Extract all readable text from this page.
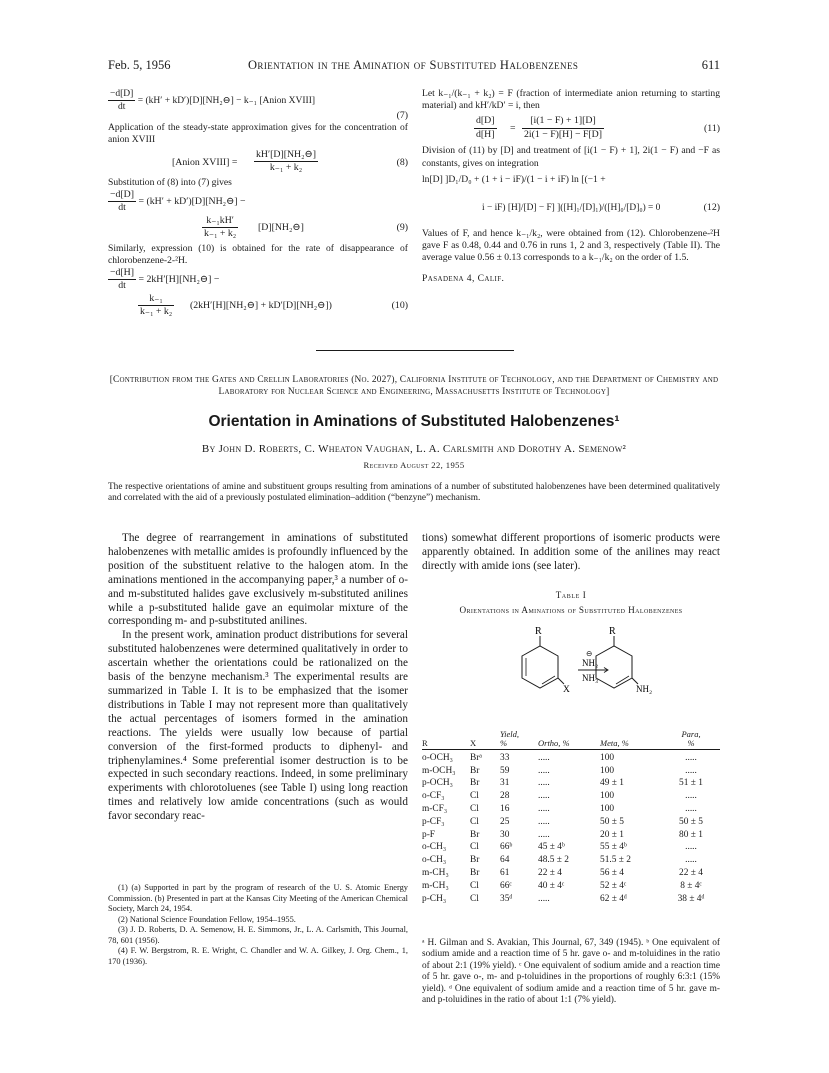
Feb. 5, 1956	Orientation in the Amination of Substituted Halobenzenes	611
$\frac{-d[D]}{dt} = (kH'$ + kD′)[D][NH₂⊖] − k₋₁ [Anion XVIII]
(7)
Application of the steady-state approximation gives for the concentration of anion XVIII
[Anion XVIII] = $\frac{\text{kH′[D][NH₂⊖]}}{\text{k₋₁ + k₂}}$	(8)
Substitution of (8) into (7) gives
$\frac{-d[D]}{dt} = (kH'$ + kD′)[D][NH₂⊖] −
$\frac{\text{k₋₁kH′}}{\text{k₋₁ + k₂}}$ [D][NH₂⊖]	(9)
Similarly, expression (10) is obtained for the rate of disappearance of chlorobenzene-2-²H.
$\frac{-d[H]}{dt}$ = 2kH′[H][NH₂⊖] −
$\frac{\text{k₋₁}}{\text{k₋₁ + k₂}}$ (2kH′[H][NH₂⊖] + kD′[D][NH₂⊖])	(10)
Let k₋₁/(k₋₁ + k₂) = F (fraction of intermediate anion returning to starting material) and kH′/kD′ = i, then
$\frac{d[D]}{d[H]} = \frac{[i(1 - F) + 1][D]}{2i(1 - F)[H] - F[D]}$	(11)
Division of (11) by [D] and treatment of [i(1 − F) + 1], 2i(1 − F) and −F as constants, gives on integration
ln[D] ]D₁/D₀ + (1 + i − iF)/(1 − i + iF) ln [(−1 +
i − iF) [H]/[D] − F] ]([H]₁/[D]₁)/([H]₀/[D]₀) = 0	(12)
Values of F, and hence k₋₁/k₂, were obtained from (12). Chlorobenzene-²H gave F as 0.48, 0.44 and 0.76 in runs 1, 2 and 3, respectively (Table II). The average value 0.56 ± 0.13 corresponds to a k₋₁/k₂ on the order of 1.5.
Pasadena 4, Calif.
[Contribution from the Gates and Crellin Laboratories (No. 2027), California Institute of Technology, and the Department of Chemistry and Laboratory for Nuclear Science and Engineering, Massachusetts Institute of Technology]
Orientation in Aminations of Substituted Halobenzenes¹
By John D. Roberts, C. Wheaton Vaughan, L. A. Carlsmith and Dorothy A. Semenow²
Received August 22, 1955
The respective orientations of amine and substituent groups resulting from aminations of a number of substituted halobenzenes have been determined qualitatively and correlated with the aid of a previously postulated elimination–addition (“benzyne”) mechanism.

The degree of rearrangement in aminations of substituted halobenzenes with metallic amides is profoundly influenced by the position of the substituent relative to the halogen atom. In the aminations mentioned in the accompanying paper,³ a number of o- and m-substituted halides gave exclusively m-substituted anilines while a p-substituted halide gave an equimolar mixture of the corresponding m- and p-substituted anilines.

In the present work, amination product distributions for several substituted halobenzenes were determined qualitatively in order to ascertain whether the orientations could be rationalized on the basis of the benzyne mechanism.³ The experimental results are summarized in Table I. It is to be emphasized that the isomer distributions in Table I may not represent more than qualitatively the actual percentages of isomers formed in the amination reactions. The yields were usually low because of partial conversion of the first-formed products to diphenyl- and triphenylamines.⁴ Some preferential isomer destruction is to be expected in such secondary reactions. Indeed, in some preliminary experiments with chlorotoluenes (see Table I) using long reaction times and relatively low amide concentrations (such as would favor secondary reac-

(1) (a) Supported in part by the program of research of the U. S. Atomic Energy Commission. (b) Presented in part at the Kansas City Meeting of the American Chemical Society, March 24, 1954.
(2) National Science Foundation Fellow, 1954–1955.
(3) J. D. Roberts, D. A. Semenow, H. E. Simmons, Jr., L. A. Carlsmith, This Journal, 78, 601 (1956).
(4) F. W. Bergstrom, R. E. Wright, C. Chandler and W. A. Gilkey, J. Org. Chem., 1, 170 (1936).

tions) somewhat different proportions of isomeric products were apparently obtained. In addition some of the anilines may react directly with amide ions (see later).

Table I
Orientations in Aminations of Substituted Halobenzenes
R
X
⊖
NH₂
NH₃
R
NH₂
R	X	Yield,
%	Ortho, %	Meta, %	Para,
%
o-OCH₃	Brᵃ	33	.....	100	.....
m-OCH₃	Br	59	.....	100	.....
p-OCH₃	Br	31	.....	49 ± 1	51 ± 1
o-CF₃	Cl	28	.....	100	.....
m-CF₃	Cl	16	.....	100	.....
p-CF₃	Cl	25	.....	50 ± 5	50 ± 5
p-F	Br	30	.....	20 ± 1	80 ± 1
o-CH₃	Cl	66ᵇ	45 ± 4ᵇ	55 ± 4ᵇ	.....
o-CH₃	Br	64	48.5 ± 2	51.5 ± 2	.....
m-CH₃	Br	61	22 ± 4	56 ± 4	22 ± 4
m-CH₃	Cl	66ᶜ	40 ± 4ᶜ	52 ± 4ᶜ	8 ± 4ᶜ
p-CH₃	Cl	35ᵈ	.....	62 ± 4ᵈ	38 ± 4ᵈ
ᵃ H. Gilman and S. Avakian, This Journal, 67, 349 (1945). ᵇ One equivalent of sodium amide and a reaction time of 5 hr. gave o- and m-toluidines in the ratio of about 2:1 (19% yield). ᶜ One equivalent of sodium amide and a reaction time of 5 hr. gave o-, m- and p-toluidines in the proportions of roughly 6:3:1 (15% yield). ᵈ One equivalent of sodium amide and a reaction time of 5 hr. gave m- and p-toluidines in the ratio of about 1:1 (7% yield).
